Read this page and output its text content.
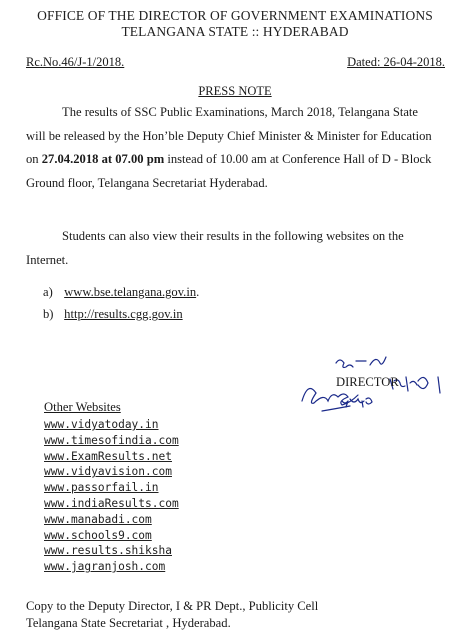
OFFICE OF THE DIRECTOR OF GOVERNMENT EXAMINATIONS
TELANGANA STATE :: HYDERABAD
Rc.No.46/J-1/2018.	Dated: 26-04-2018.
PRESS NOTE
The results of SSC Public Examinations, March 2018, Telangana State
will be released by the Hon’ble Deputy Chief Minister & Minister for Education
on 27.04.2018 at 07.00 pm instead of 10.00 am at Conference Hall of D - Block
Ground floor, Telangana Secretariat Hyderabad.
Students can also view their results in the following websites on the
Internet.
a) www.bse.telangana.gov.in.
b) http://results.cgg.gov.in
DIRECTOR
Other Websites
www.vidyatoday.in
www.timesofindia.com
www.ExamResults.net
www.vidyavision.com
www.passorfail.in
www.indiaResults.com
www.manabadi.com
www.schools9.com
www.results.shiksha
www.jagranjosh.com
Copy to the Deputy Director, I & PR Dept., Publicity Cell
Telangana State Secretariat , Hyderabad.
